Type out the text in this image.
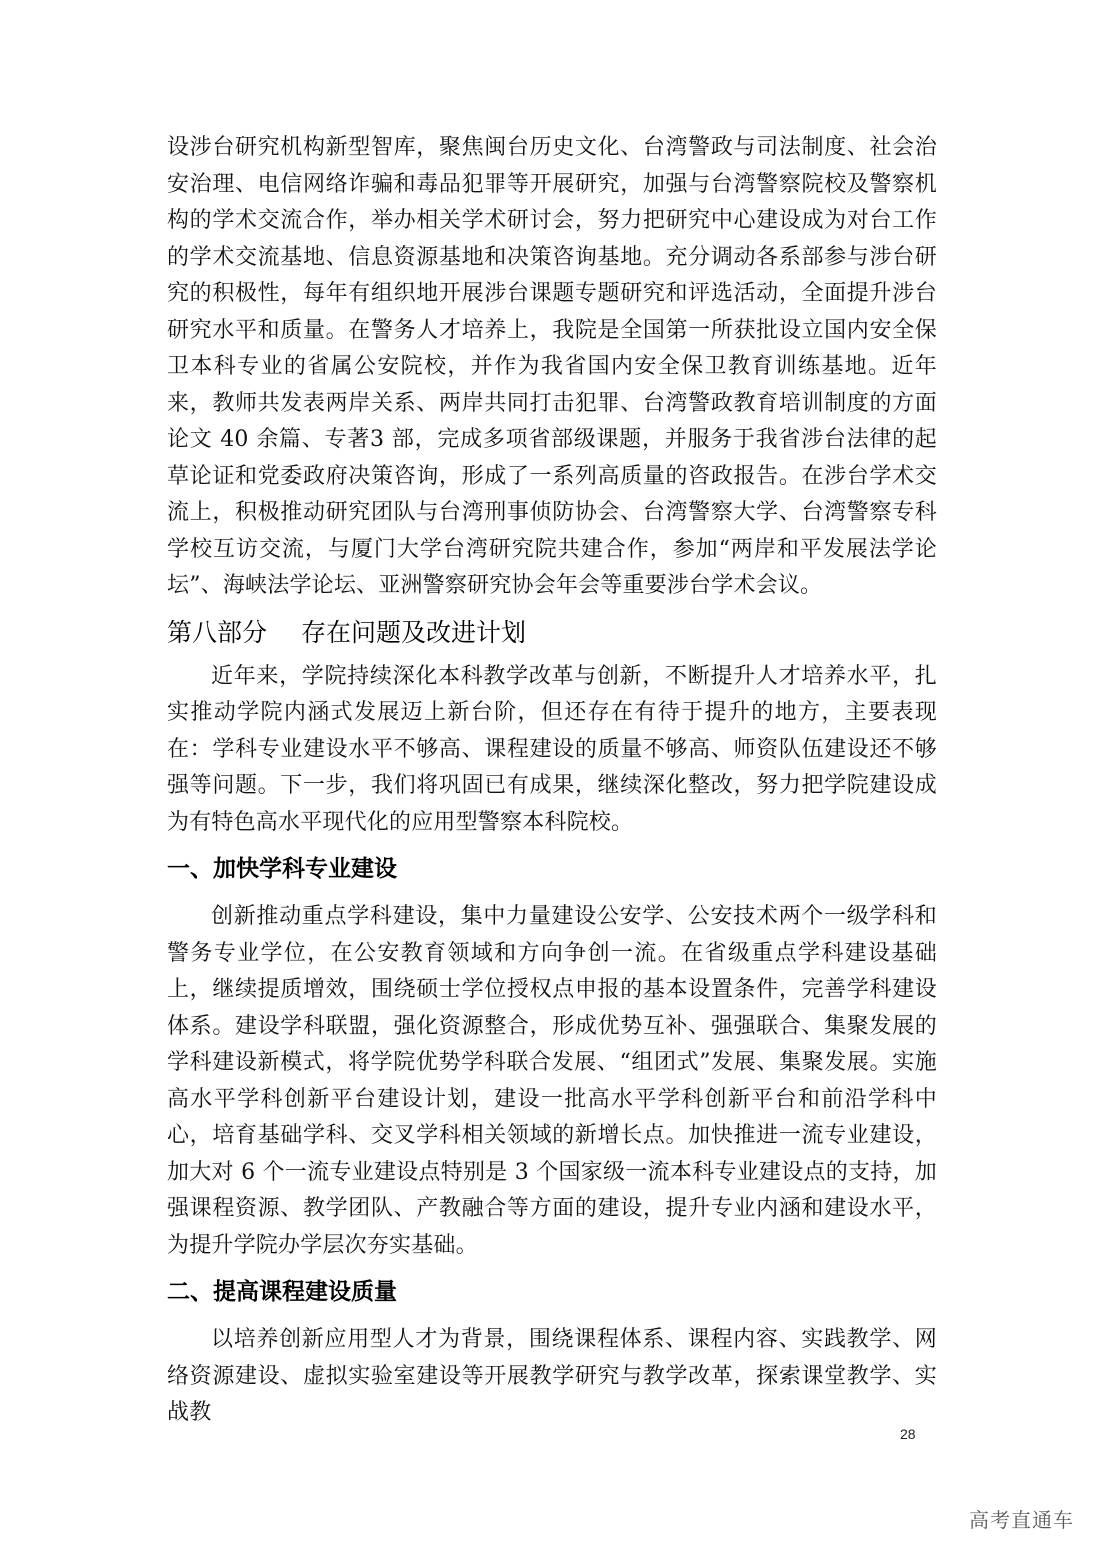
设涉台研究机构新型智库，聚焦闽台历史文化、台湾警政与司法制度、社会治安治理、电信网络诈骗和毒品犯罪等开展研究，加强与台湾警察院校及警察机构的学术交流合作，举办相关学术研讨会，努力把研究中心建设成为对台工作的学术交流基地、信息资源基地和决策咨询基地。充分调动各系部参与涉台研究的积极性，每年有组织地开展涉台课题专题研究和评选活动，全面提升涉台研究水平和质量。在警务人才培养上，我院是全国第一所获批设立国内安全保卫本科专业的省属公安院校，并作为我省国内安全保卫教育训练基地。近年来，教师共发表两岸关系、两岸共同打击犯罪、台湾警政教育培训制度的方面论文 40 余篇、专著3 部，完成多项省部级课题，并服务于我省涉台法律的起草论证和党委政府决策咨询，形成了一系列高质量的咨政报告。在涉台学术交流上，积极推动研究团队与台湾刑事侦防协会、台湾警察大学、台湾警察专科学校互访交流，与厦门大学台湾研究院共建合作，参加“两岸和平发展法学论坛”、海峡法学论坛、亚洲警察研究协会年会等重要涉台学术会议。

第八部分 存在问题及改进计划

近年来，学院持续深化本科教学改革与创新，不断提升人才培养水平，扎实推动学院内涵式发展迈上新台阶，但还存在有待于提升的地方，主要表现在：学科专业建设水平不够高、课程建设的质量不够高、师资队伍建设还不够强等问题。下一步，我们将巩固已有成果，继续深化整改，努力把学院建设成为有特色高水平现代化的应用型警察本科院校。

一、加快学科专业建设

创新推动重点学科建设，集中力量建设公安学、公安技术两个一级学科和警务专业学位，在公安教育领域和方向争创一流。在省级重点学科建设基础上，继续提质增效，围绕硕士学位授权点申报的基本设置条件，完善学科建设体系。建设学科联盟，强化资源整合，形成优势互补、强强联合、集聚发展的学科建设新模式，将学院优势学科联合发展、“组团式”发展、集聚发展。实施高水平学科创新平台建设计划，建设一批高水平学科创新平台和前沿学科中心，培育基础学科、交叉学科相关领域的新增长点。加快推进一流专业建设，加大对 6 个一流专业建设点特别是 3 个国家级一流本科专业建设点的支持，加强课程资源、教学团队、产教融合等方面的建设，提升专业内涵和建设水平，为提升学院办学层次夯实基础。

二、提高课程建设质量

以培养创新应用型人才为背景，围绕课程体系、课程内容、实践教学、网络资源建设、虚拟实验室建设等开展教学研究与教学改革，探索课堂教学、实战教

28
高考直通车
